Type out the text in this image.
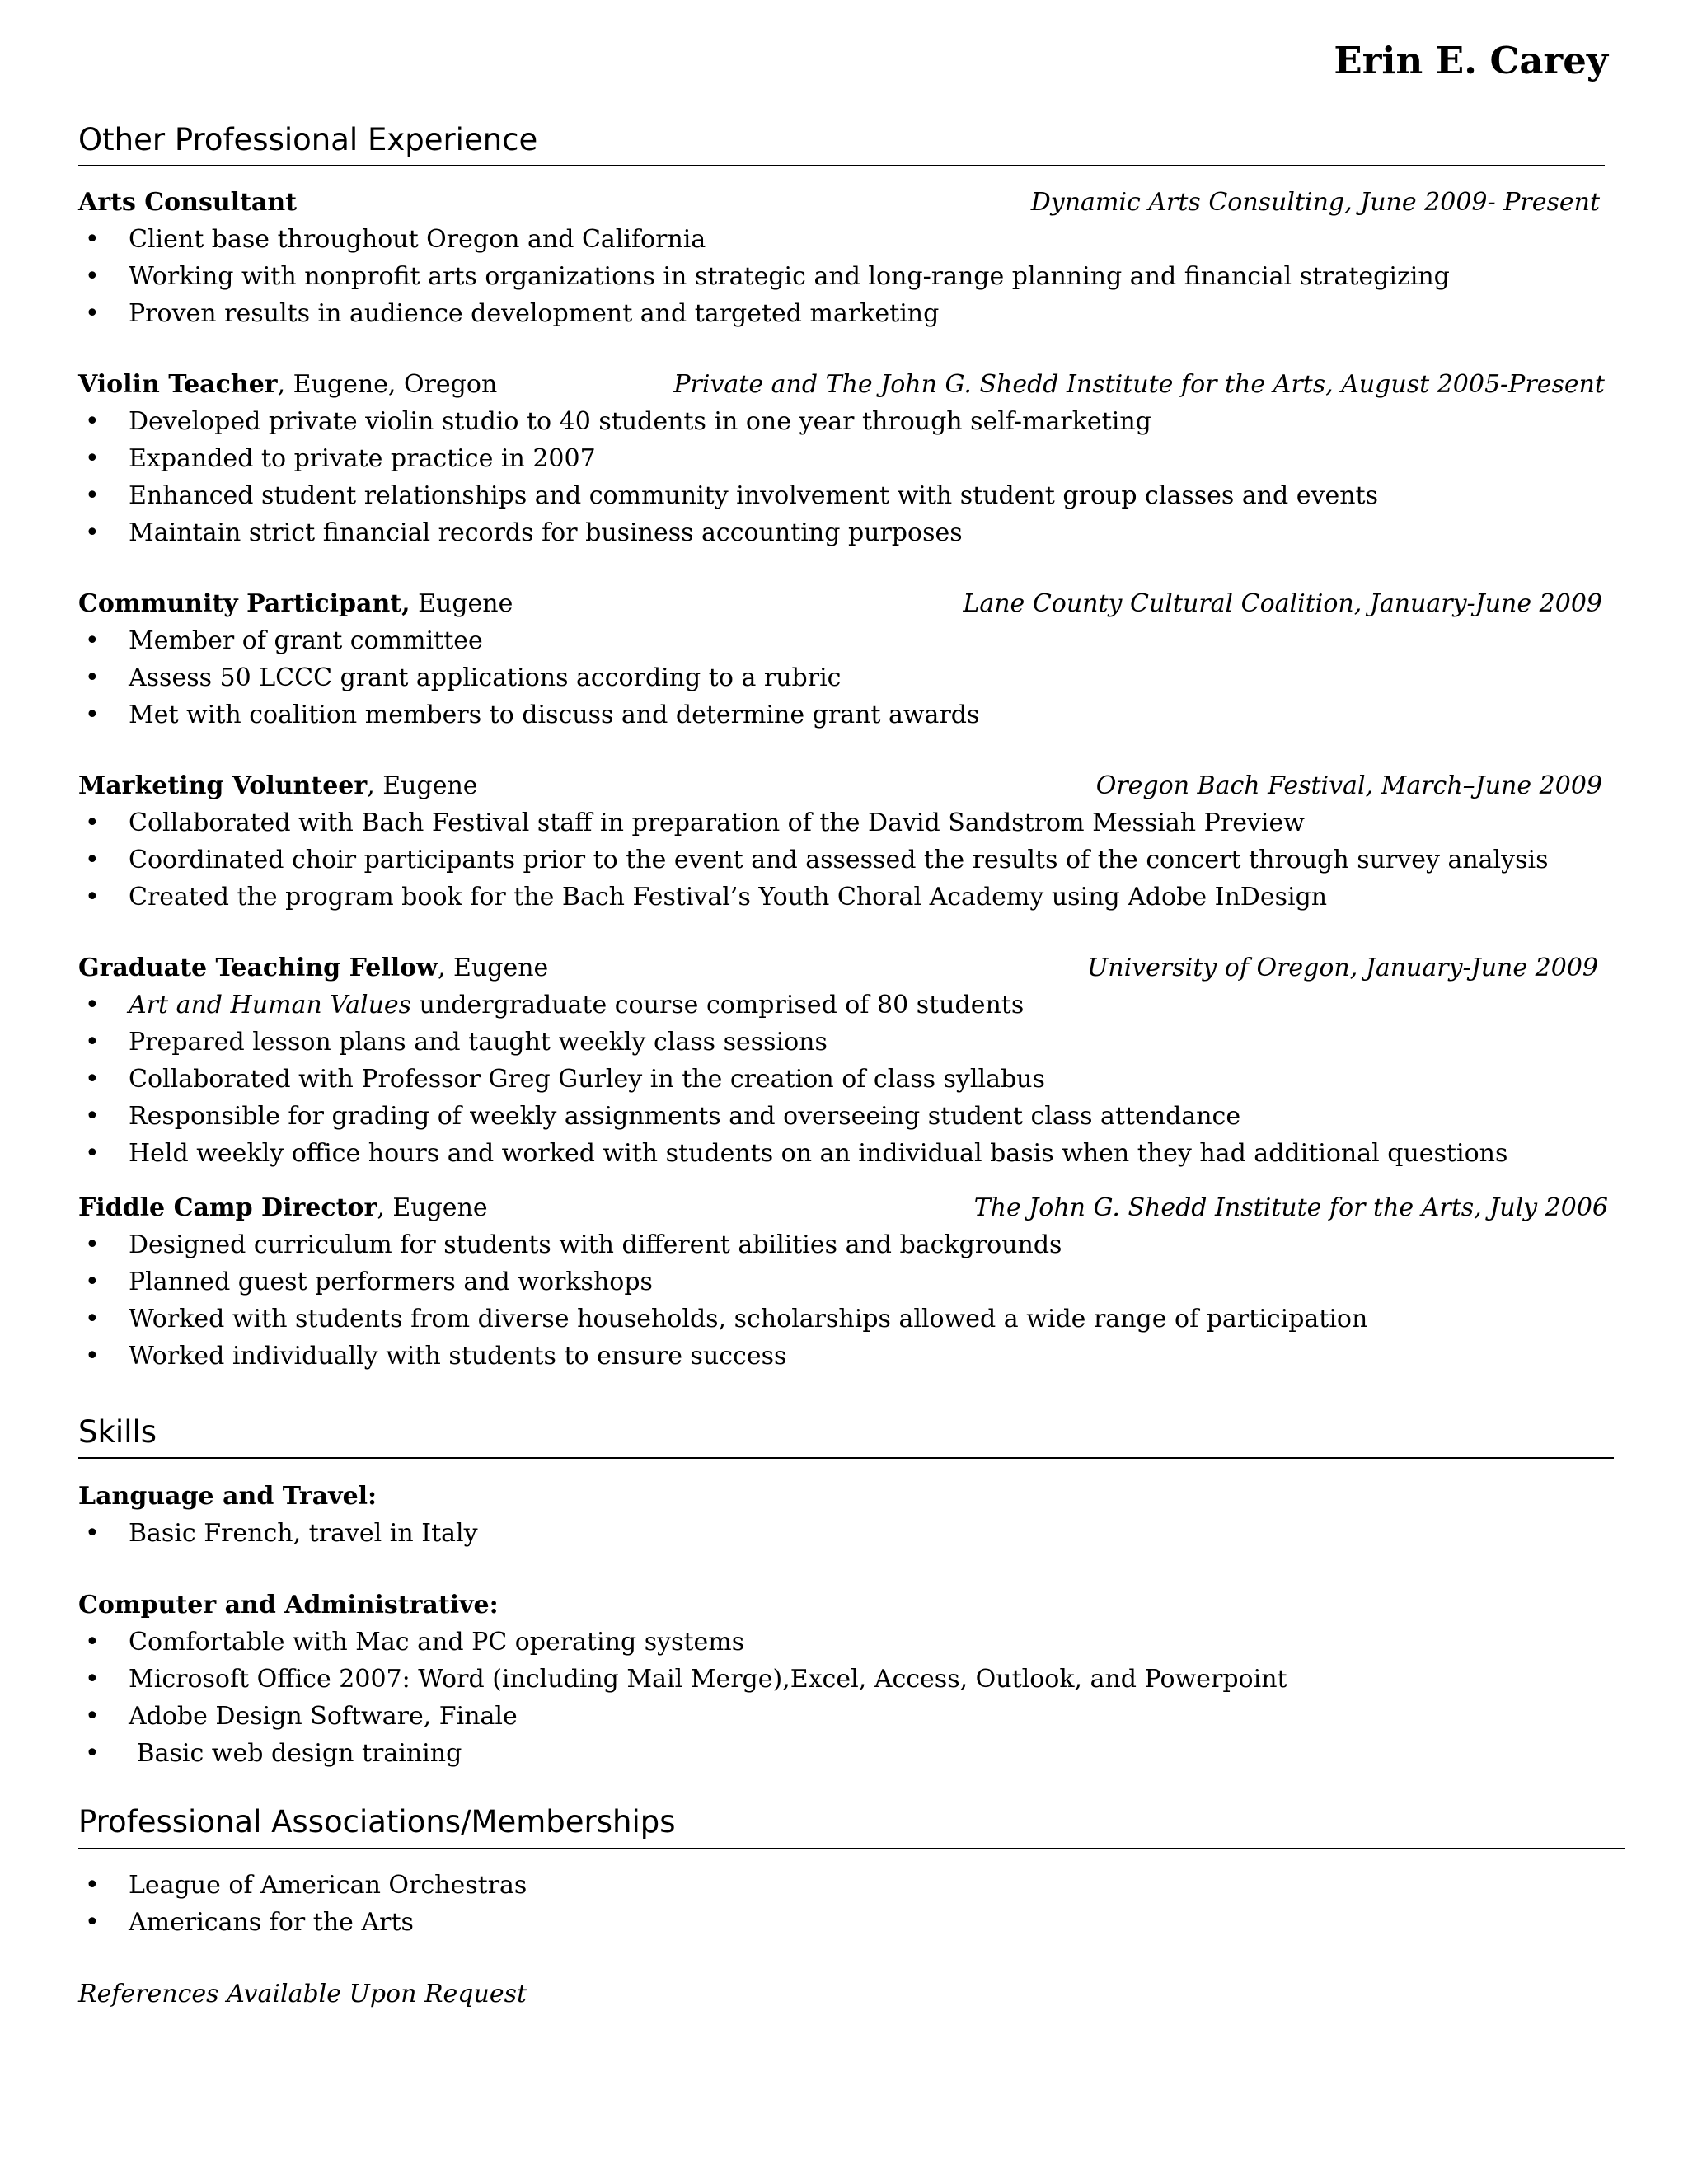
Erin E. Carey
Other Professional Experience
Arts Consultant	Dynamic Arts Consulting, June 2009- Present
• Client base throughout Oregon and California
• Working with nonprofit arts organizations in strategic and long-range planning and financial strategizing
• Proven results in audience development and targeted marketing
Violin Teacher, Eugene, Oregon	Private and The John G. Shedd Institute for the Arts, August 2005-Present
• Developed private violin studio to 40 students in one year through self-marketing
• Expanded to private practice in 2007
• Enhanced student relationships and community involvement with student group classes and events
• Maintain strict financial records for business accounting purposes
Community Participant, Eugene	Lane County Cultural Coalition, January-June 2009
• Member of grant committee
• Assess 50 LCCC grant applications according to a rubric
• Met with coalition members to discuss and determine grant awards
Marketing Volunteer, Eugene	Oregon Bach Festival, March–June 2009
• Collaborated with Bach Festival staff in preparation of the David Sandstrom Messiah Preview
• Coordinated choir participants prior to the event and assessed the results of the concert through survey analysis
• Created the program book for the Bach Festival’s Youth Choral Academy using Adobe InDesign
Graduate Teaching Fellow, Eugene	University of Oregon, January-June 2009
• Art and Human Values undergraduate course comprised of 80 students
• Prepared lesson plans and taught weekly class sessions
• Collaborated with Professor Greg Gurley in the creation of class syllabus
• Responsible for grading of weekly assignments and overseeing student class attendance
• Held weekly office hours and worked with students on an individual basis when they had additional questions
Fiddle Camp Director, Eugene	The John G. Shedd Institute for the Arts, July 2006
• Designed curriculum for students with different abilities and backgrounds
• Planned guest performers and workshops
• Worked with students from diverse households, scholarships allowed a wide range of participation
• Worked individually with students to ensure success
Skills
Language and Travel:
• Basic French, travel in Italy
Computer and Administrative:
• Comfortable with Mac and PC operating systems
• Microsoft Office 2007: Word (including Mail Merge),Excel, Access, Outlook, and Powerpoint
• Adobe Design Software, Finale
• Basic web design training
Professional Associations/Memberships
• League of American Orchestras
• Americans for the Arts
References Available Upon Request
